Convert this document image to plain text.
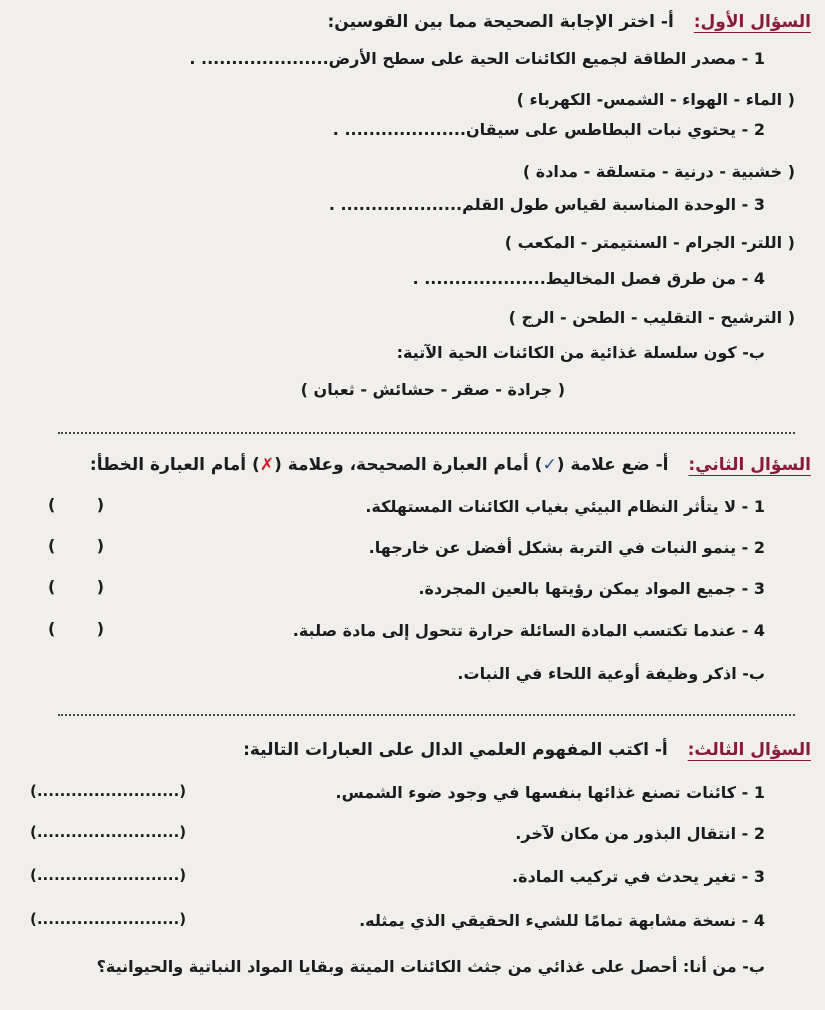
السؤال الأول: أ- اختر الإجابة الصحيحة مما بين القوسين:
1 - مصدر الطاقة لجميع الكائنات الحية على سطح الأرض..................... .
( الماء - الهواء - الشمس- الكهرباء )
2 - يحتوي نبات البطاطس على سيقان.................... .
( خشبية - درنية - متسلقة - مدادة )
3 - الوحدة المناسبة لقياس طول القلم.................... .
( اللتر- الجرام - السنتيمتر - المكعب )
4 - من طرق فصل المخاليط.................... .
( الترشيح - التقليب - الطحن - الرج )
ب- كون سلسلة غذائية من الكائنات الحية الآتية:
( جرادة - صقر - حشائش - ثعبان )
السؤال الثاني: أ- ضع علامة (✓) أمام العبارة الصحيحة، وعلامة (✗) أمام العبارة الخطأ:
1 - لا يتأثر النظام البيئي بغياب الكائنات المستهلكة.
(	)
2 - ينمو النبات في التربة بشكل أفضل عن خارجها.
(	)
3 - جميع المواد يمكن رؤيتها بالعين المجردة.
(	)
4 - عندما تكتسب المادة السائلة حرارة تتحول إلى مادة صلبة.
(	)
ب- اذكر وظيفة أوعية اللحاء في النبات.
السؤال الثالث: أ- اكتب المفهوم العلمي الدال على العبارات التالية:
1 - كائنات تصنع غذائها بنفسها في وجود ضوء الشمس.
(.........................)
2 - انتقال البذور من مكان لآخر.
(.........................)
3 - تغير يحدث في تركيب المادة.
(.........................)
4 - نسخة مشابهة تمامًا للشيء الحقيقي الذي يمثله.
(.........................)
ب- من أنا: أحصل على غذائي من جثث الكائنات الميتة وبقايا المواد النباتية والحيوانية؟
